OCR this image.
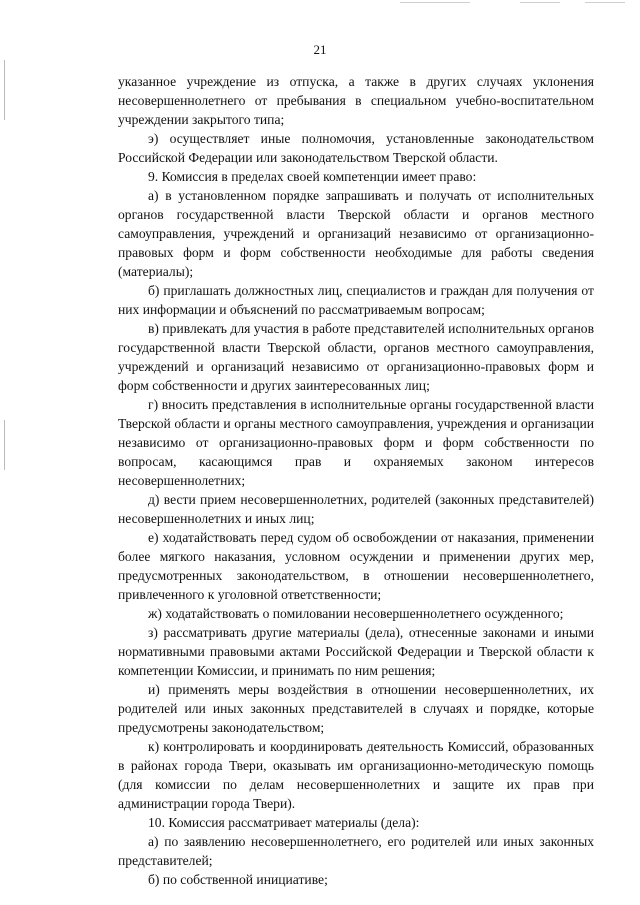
21

указанное учреждение из отпуска, а также в других случаях уклонения несовершеннолетнего от пребывания в специальном учебно-воспитательном учреждении закрытого типа;

э) осуществляет иные полномочия, установленные законодательством Российской Федерации или законодательством Тверской области.

9. Комиссия в пределах своей компетенции имеет право:

а) в установленном порядке запрашивать и получать от исполнительных органов государственной власти Тверской области и органов местного самоуправления, учреждений и организаций независимо от организационно-правовых форм и форм собственности необходимые для работы сведения (материалы);

б) приглашать должностных лиц, специалистов и граждан для получения от них информации и объяснений по рассматриваемым вопросам;

в) привлекать для участия в работе представителей исполнительных органов государственной власти Тверской области, органов местного самоуправления, учреждений и организаций независимо от организационно-правовых форм и форм собственности и других заинтересованных лиц;

г) вносить представления в исполнительные органы государственной власти Тверской области и органы местного самоуправления, учреждения и организации независимо от организационно-правовых форм и форм собственности по вопросам, касающимся прав и охраняемых законом интересов несовершеннолетних;

д) вести прием несовершеннолетних, родителей (законных представителей) несовершеннолетних и иных лиц;

е) ходатайствовать перед судом об освобождении от наказания, применении более мягкого наказания, условном осуждении и применении других мер, предусмотренных законодательством, в отношении несовершеннолетнего, привлеченного к уголовной ответственности;

ж) ходатайствовать о помиловании несовершеннолетнего осужденного;

з) рассматривать другие материалы (дела), отнесенные законами и иными нормативными правовыми актами Российской Федерации и Тверской области к компетенции Комиссии, и принимать по ним решения;

и) применять меры воздействия в отношении несовершеннолетних, их родителей или иных законных представителей в случаях и порядке, которые предусмотрены законодательством;

к) контролировать и координировать деятельность Комиссий, образованных в районах города Твери, оказывать им организационно-методическую помощь (для комиссии по делам несовершеннолетних и защите их прав при администрации города Твери).

10. Комиссия рассматривает материалы (дела):

а) по заявлению несовершеннолетнего, его родителей или иных законных представителей;

б) по собственной инициативе;
